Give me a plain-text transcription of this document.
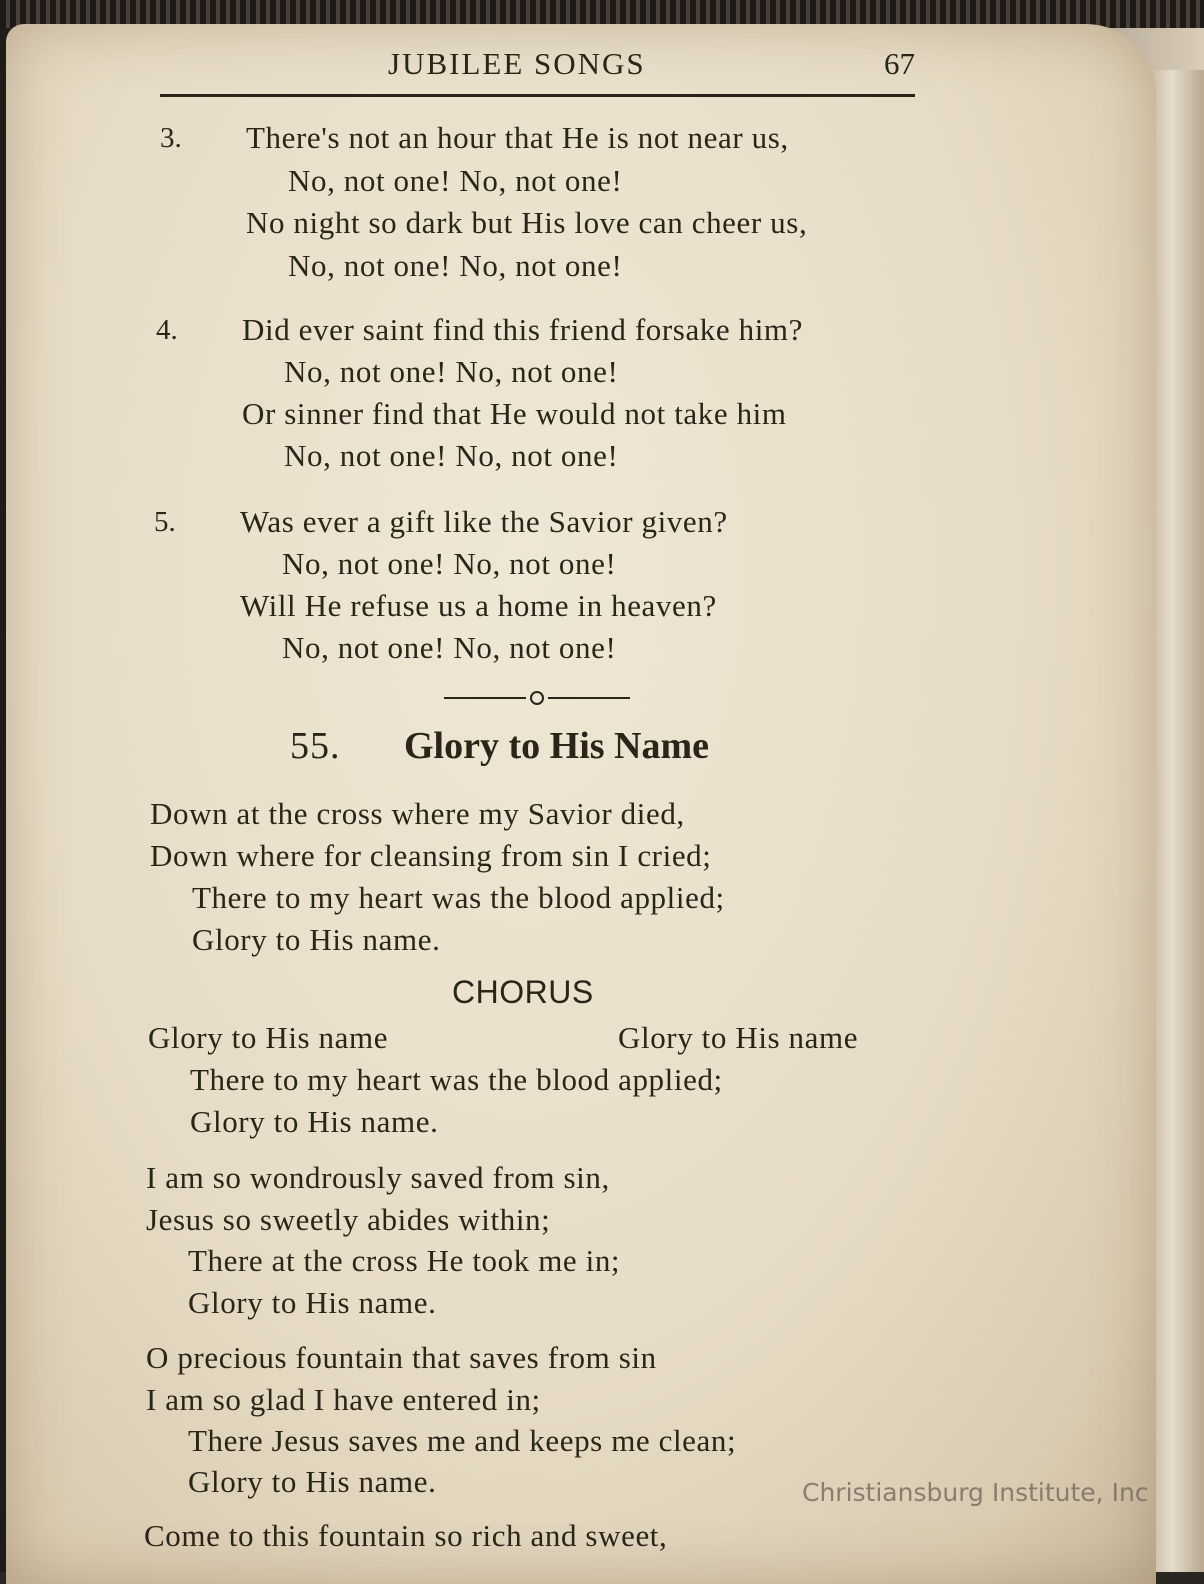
JUBILEE SONGS	67
3. There's not an hour that He is not near us,
No, not one! No, not one!
No night so dark but His love can cheer us,
No, not one! No, not one!
4. Did ever saint find this friend forsake him?
No, not one! No, not one!
Or sinner find that He would not take him
No, not one! No, not one!
5. Was ever a gift like the Savior given?
No, not one! No, not one!
Will He refuse us a home in heaven?
No, not one! No, not one!
55. Glory to His Name
Down at the cross where my Savior died,
Down where for cleansing from sin I cried;
There to my heart was the blood applied;
Glory to His name.
CHORUS
Glory to His name	Glory to His name
There to my heart was the blood applied;
Glory to His name.
I am so wondrously saved from sin,
Jesus so sweetly abides within;
There at the cross He took me in;
Glory to His name.
O precious fountain that saves from sin
I am so glad I have entered in;
There Jesus saves me and keeps me clean;
Glory to His name.
Come to this fountain so rich and sweet,
Christiansburg Institute, Inc
